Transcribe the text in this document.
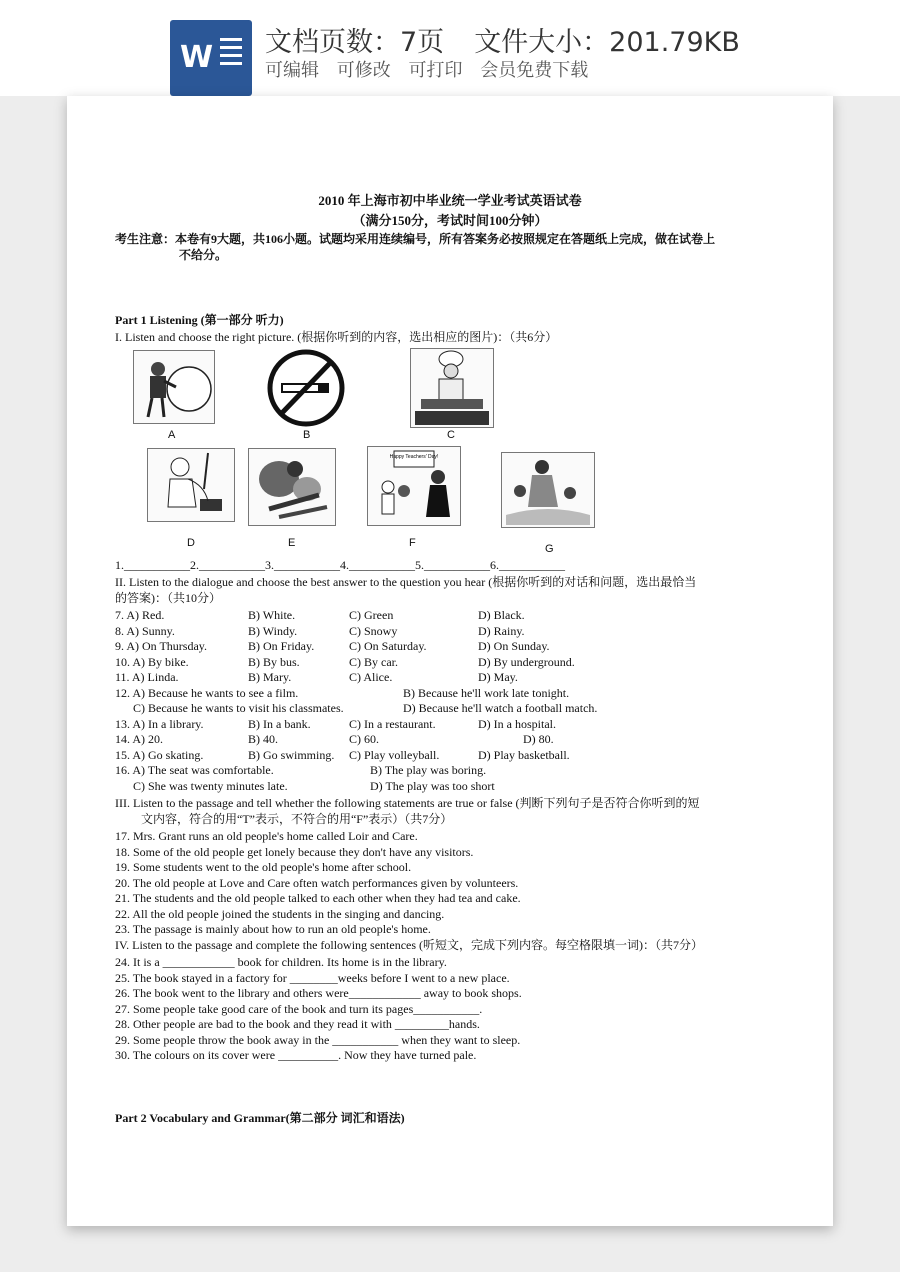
W 文档页数：7页 文件大小：201.79KB
可编辑 可修改 可打印 会员免费下载
2010 年上海市初中毕业统一学业考试英语试卷
（满分150分，考试时间100分钟）
考生注意：本卷有9大题，共106小题。试题均采用连续编号，所有答案务必按照规定在答题纸上完成，做在试卷上
不给分。
Part 1 Listening (第一部分 听力)
I. Listen and choose the right picture. (根据你听到的内容，选出相应的图片)：（共6分）
A	B	C
D	E
Happy Teachers' Day!
F	G
1.___________2.___________3.___________4.___________5.___________6.___________
II. Listen to the dialogue and choose the best answer to the question you hear (根据你听到的对话和问题，选出最恰当
的答案)：（共10分）
7. A) Red.	B) White.	C) Green	D) Black.
8. A) Sunny.	B) Windy.	C) Snowy	D) Rainy.
9. A) On Thursday.	B) On Friday.	C) On Saturday.	D) On Sunday.
10. A) By bike.	B) By bus.	C) By car.	D) By underground.
11. A) Linda.	B) Mary.	C) Alice.	D) May.
12. A) Because he wants to see a film.	B) Because he'll work late tonight.
C) Because he wants to visit his classmates.	D) Because he'll watch a football match.
13. A) In a library.	B) In a bank.	C) In a restaurant.	D) In a hospital.
14. A) 20.	B) 40.	C) 60.	D) 80.
15. A) Go skating.	B) Go swimming. C) Play volleyball.	D) Play basketball.
16. A) The seat was comfortable.	B) The play was boring.
C) She was twenty minutes late.	D) The play was too short
III. Listen to the passage and tell whether the following statements are true or false (判断下列句子是否符合你听到的短
文内容，符合的用“T”表示，不符合的用“F”表示）（共7分）
17. Mrs. Grant runs an old people's home called Loir and Care.
18. Some of the old people get lonely because they don't have any visitors.
19. Some students went to the old people's home after school.
20. The old people at Love and Care often watch performances given by volunteers.
21. The students and the old people talked to each other when they had tea and cake.
22. All the old people joined the students in the singing and dancing.
23. The passage is mainly about how to run an old people's home.
IV. Listen to the passage and complete the following sentences (听短文，完成下列内容。每空格限填一词)：（共7分）
24. It is a ____________ book for children. Its home is in the library.
25. The book stayed in a factory for ________weeks before I went to a new place.
26. The book went to the library and others were____________ away to book shops.
27. Some people take good care of the book and turn its pages___________.
28. Other people are bad to the book and they read it with _________hands.
29. Some people throw the book away in the ___________ when they want to sleep.
30. The colours on its cover were __________. Now they have turned pale.
Part 2 Vocabulary and Grammar(第二部分 词汇和语法)
